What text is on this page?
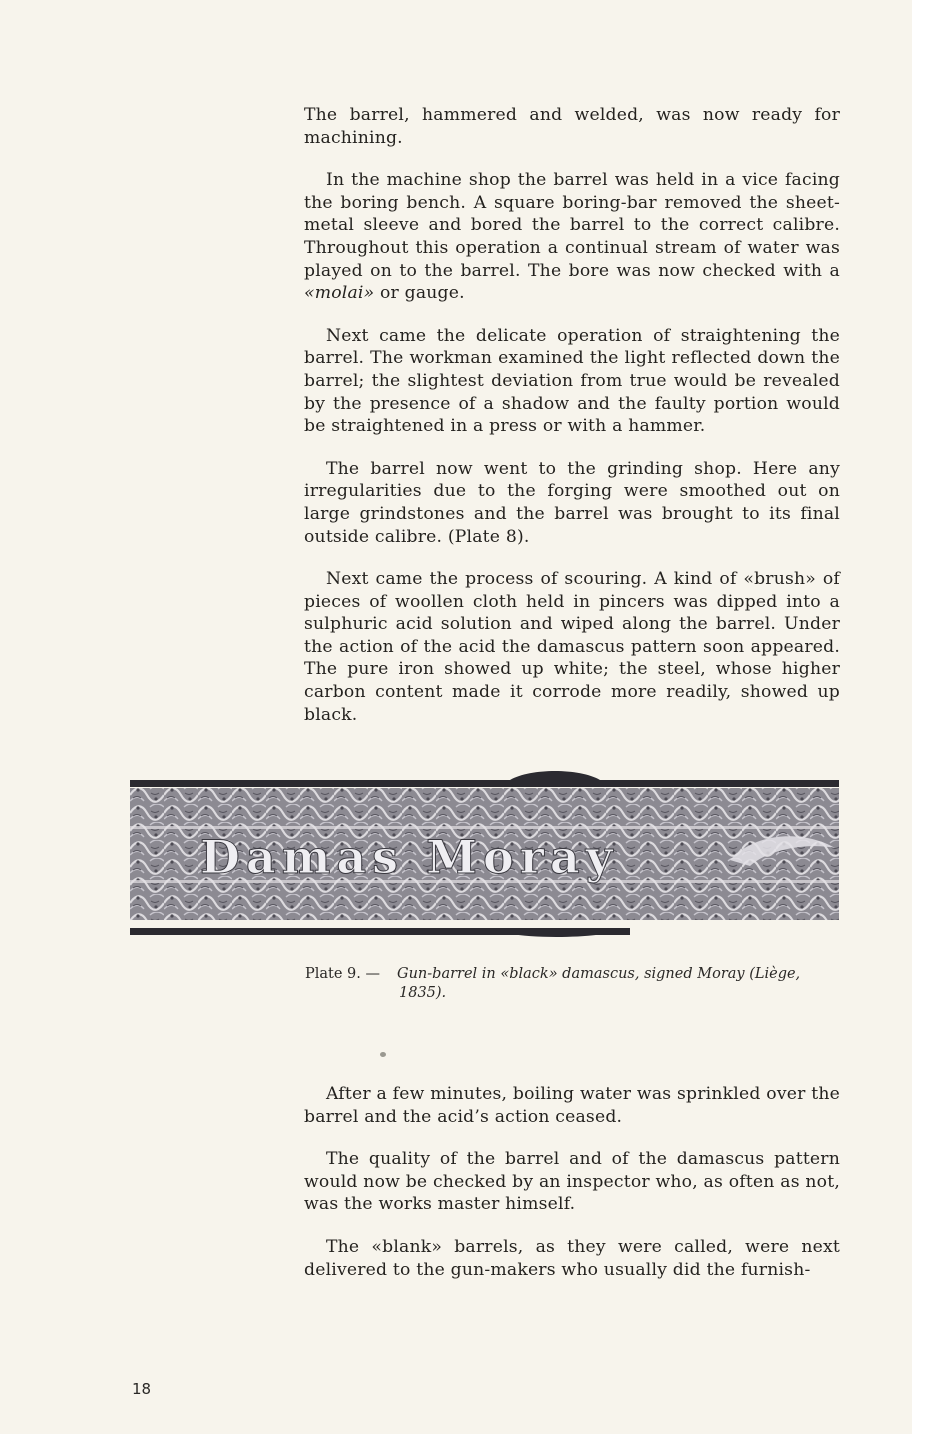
The barrel, hammered and welded, was now ready for machining.

In the machine shop the barrel was held in a vice facing the boring bench. A square boring-bar removed the sheet-metal sleeve and bored the barrel to the correct calibre. Throughout this operation a continual stream of water was played on to the barrel. The bore was now checked with a «molai» or gauge.

Next came the delicate operation of straightening the barrel. The workman examined the light reflected down the barrel; the slightest deviation from true would be revealed by the presence of a shadow and the faulty portion would be straightened in a press or with a hammer.

The barrel now went to the grinding shop. Here any irregularities due to the forging were smoothed out on large grindstones and the barrel was brought to its final outside calibre. (Plate 8).

Next came the process of scouring. A kind of «brush» of pieces of woollen cloth held in pincers was dipped into a sulphuric acid solution and wiped along the barrel. Under the action of the acid the damascus pattern soon appeared. The pure iron showed up white; the steel, whose higher carbon content made it corrode more readily, showed up black.

Damas Moray
Plate 9. — Gun-barrel in «black» damascus, signed Moray (Liège,
1835).

After a few minutes, boiling water was sprinkled over the barrel and the acid’s action ceased.

The quality of the barrel and of the damascus pattern would now be checked by an inspector who, as often as not, was the works master himself.

The «blank» barrels, as they were called, were next delivered to the gun-makers who usually did the furnish-

18
